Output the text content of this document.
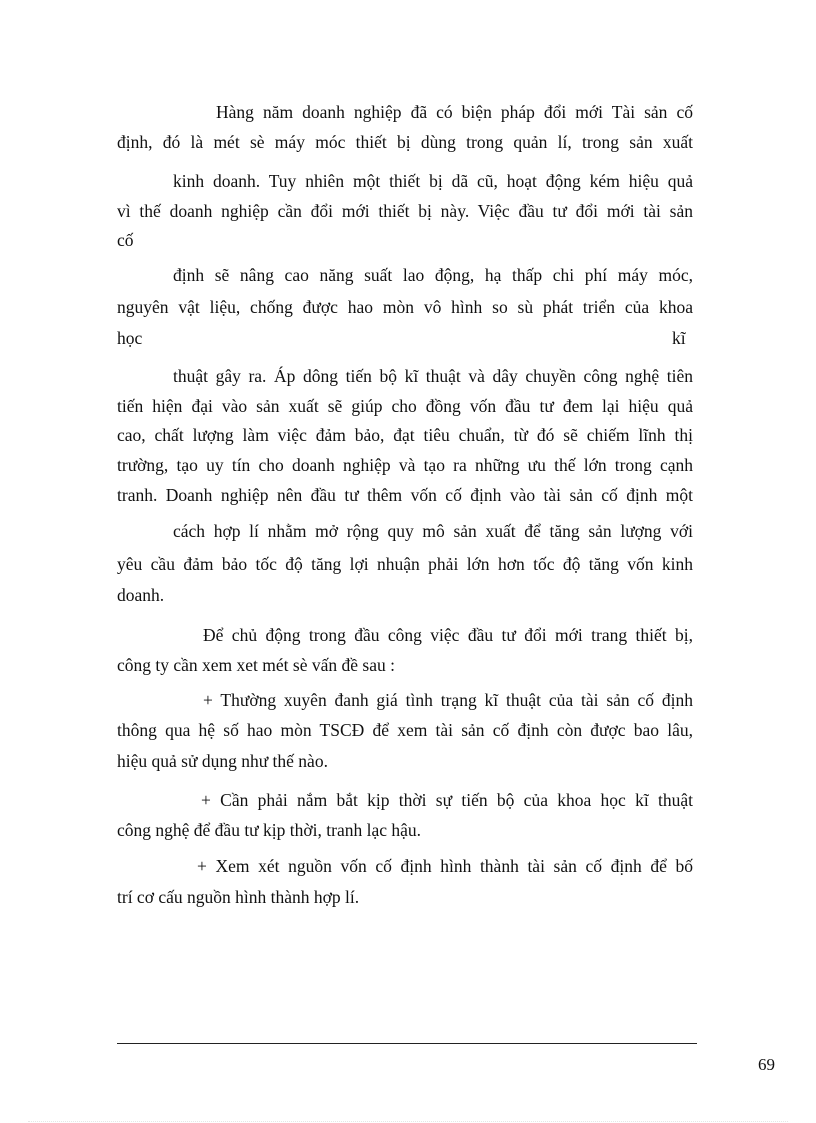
Hàng năm doanh nghiệp đã có biện pháp đổi mới Tài sản cố

định, đó là mét sè máy móc thiết bị dùng trong quản lí, trong sản xuất

kinh doanh. Tuy nhiên một thiết bị dã cũ, hoạt động kém hiệu quả

vì thế doanh nghiệp cần đổi mới thiết bị này. Việc đầu tư đổi mới tài sản

cố

định sẽ nâng cao năng suất lao động, hạ thấp chi phí máy móc,

nguyên vật liệu, chống được hao mòn vô hình so sù phát triển của khoa

học	kĩ

thuật gây ra. Áp dông tiến bộ kĩ thuật và dây chuyền công nghệ tiên

tiến hiện đại vào sản xuất sẽ giúp cho đồng vốn đầu tư đem lại hiệu quả

cao, chất lượng làm việc đảm bảo, đạt tiêu chuẩn, từ đó sẽ chiếm lĩnh thị

trường, tạo uy tín cho doanh nghiệp và tạo ra những ưu thế lớn trong cạnh

tranh. Doanh nghiệp nên đầu tư thêm vốn cố định vào tài sản cố định một

cách hợp lí nhằm mở rộng quy mô sản xuất để tăng sản lượng với

yêu cầu đảm bảo tốc độ tăng lợi nhuận phải lớn hơn tốc độ tăng vốn kinh

doanh.

Để chủ động trong đầu công việc đầu tư đổi mới trang thiết bị,

công ty cần xem xet mét sè vấn đề sau :

+ Thường xuyên đanh giá tình trạng kĩ thuật của tài sản cố định

thông qua hệ số hao mòn TSCĐ để xem tài sản cố định còn được bao lâu,

hiệu quả sử dụng như thế nào.

+ Cần phải nắm bắt kịp thời sự tiến bộ của khoa học kĩ thuật

công nghệ để đầu tư kịp thời, tranh lạc hậu.

+ Xem xét nguồn vốn cố định hình thành tài sản cố định để bố

trí cơ cấu nguồn hình thành hợp lí.

69
